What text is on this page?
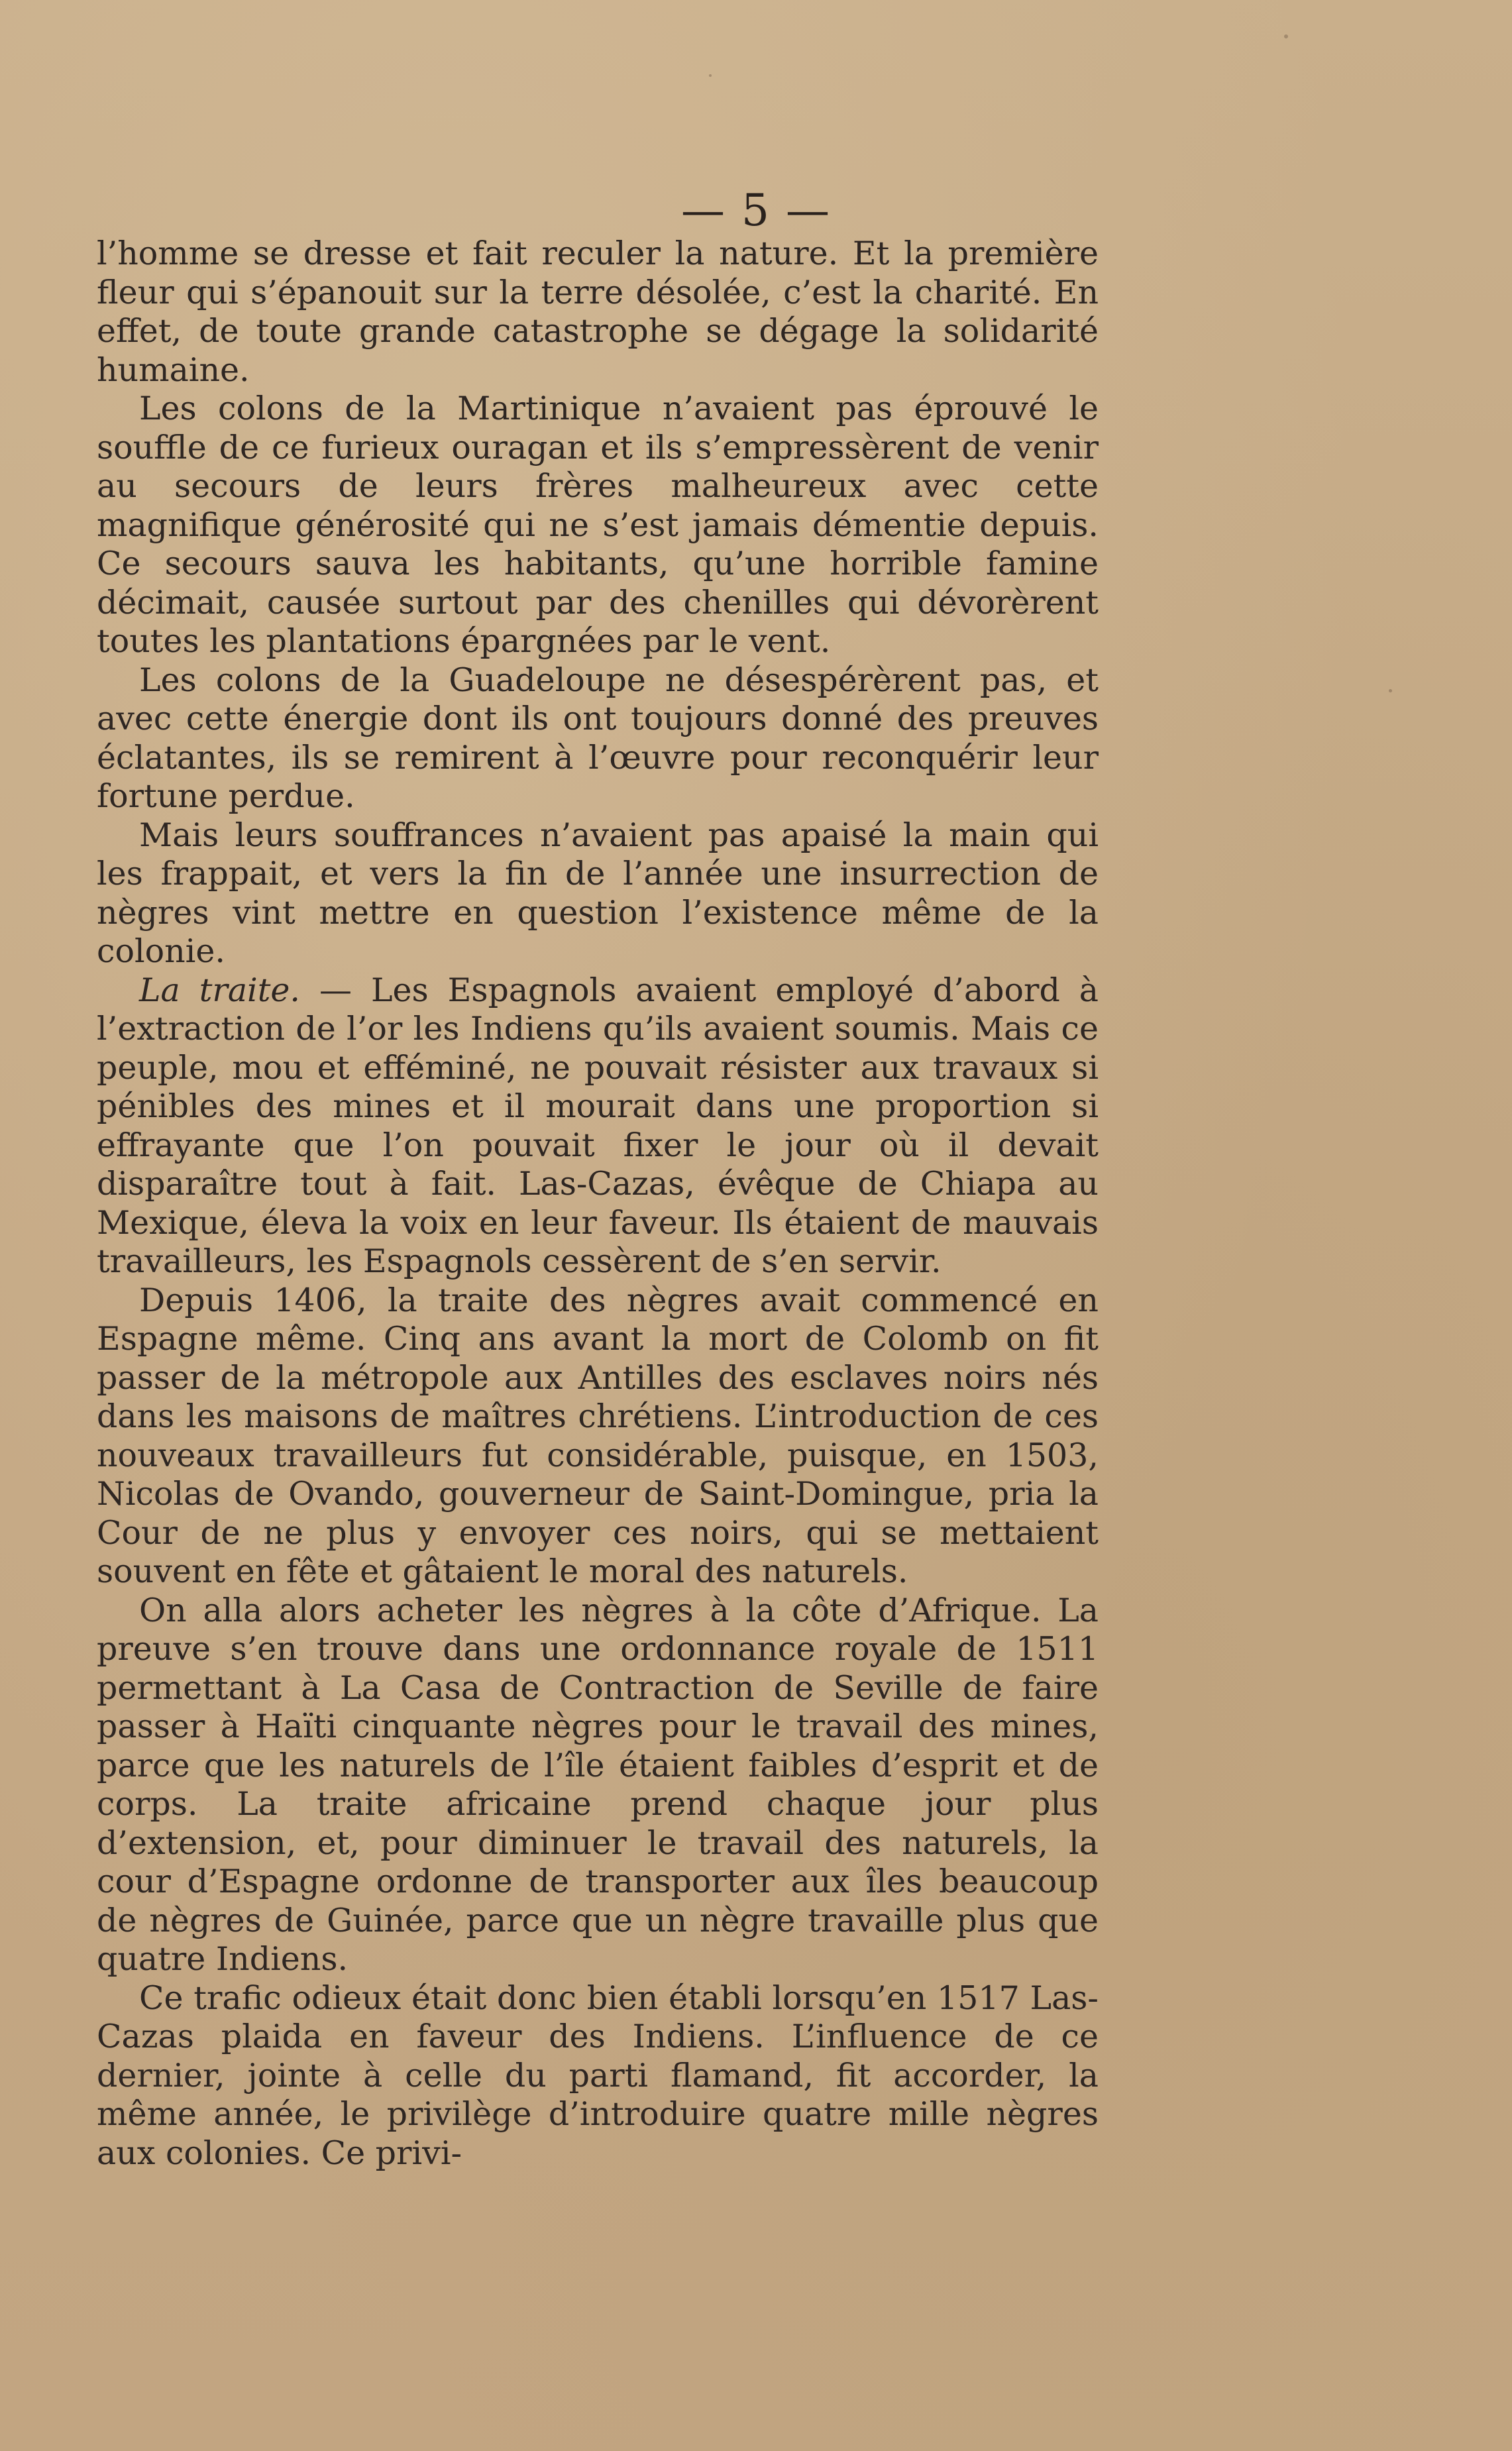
— 5 —

l’homme se dresse et fait reculer la nature. Et la première fleur qui s’épanouit sur la terre désolée, c’est la charité. En effet, de toute grande catastrophe se dégage la solidarité humaine.

Les colons de la Martinique n’avaient pas éprouvé le souffle de ce furieux ouragan et ils s’empressèrent de venir au secours de leurs frères malheureux avec cette magnifique générosité qui ne s’est jamais démentie depuis. Ce secours sauva les habitants, qu’une horrible famine décimait, causée surtout par des chenilles qui dévorèrent toutes les plantations épargnées par le vent.

Les colons de la Guadeloupe ne désespérèrent pas, et avec cette énergie dont ils ont toujours donné des preuves éclatantes, ils se remirent à l’œuvre pour reconquérir leur fortune perdue.

Mais leurs souffrances n’avaient pas apaisé la main qui les frappait, et vers la fin de l’année une insurrection de nègres vint mettre en question l’existence même de la colonie.

La traite. — Les Espagnols avaient employé d’abord à l’extraction de l’or les Indiens qu’ils avaient soumis. Mais ce peuple, mou et efféminé, ne pouvait résister aux travaux si pénibles des mines et il mourait dans une proportion si effrayante que l’on pouvait fixer le jour où il devait disparaître tout à fait. Las-Cazas, évêque de Chiapa au Mexique, éleva la voix en leur faveur. Ils étaient de mauvais travailleurs, les Espagnols cessèrent de s’en servir.

Depuis 1406, la traite des nègres avait commencé en Espagne même. Cinq ans avant la mort de Colomb on fit passer de la métropole aux Antilles des esclaves noirs nés dans les maisons de maîtres chrétiens. L’introduction de ces nouveaux travailleurs fut considérable, puisque, en 1503, Nicolas de Ovando, gouverneur de Saint-Domingue, pria la Cour de ne plus y envoyer ces noirs, qui se mettaient souvent en fête et gâtaient le moral des naturels.

On alla alors acheter les nègres à la côte d’Afrique. La preuve s’en trouve dans une ordonnance royale de 1511 permettant à La Casa de Contraction de Seville de faire passer à Haïti cinquante nègres pour le travail des mines, parce que les naturels de l’île étaient faibles d’esprit et de corps. La traite africaine prend chaque jour plus d’extension, et, pour diminuer le travail des naturels, la cour d’Espagne ordonne de transporter aux îles beaucoup de nègres de Guinée, parce que un nègre travaille plus que quatre Indiens.

Ce trafic odieux était donc bien établi lorsqu’en 1517 Las-Cazas plaida en faveur des Indiens. L’influence de ce dernier, jointe à celle du parti flamand, fit accorder, la même année, le privilège d’introduire quatre mille nègres aux colonies. Ce privi-
